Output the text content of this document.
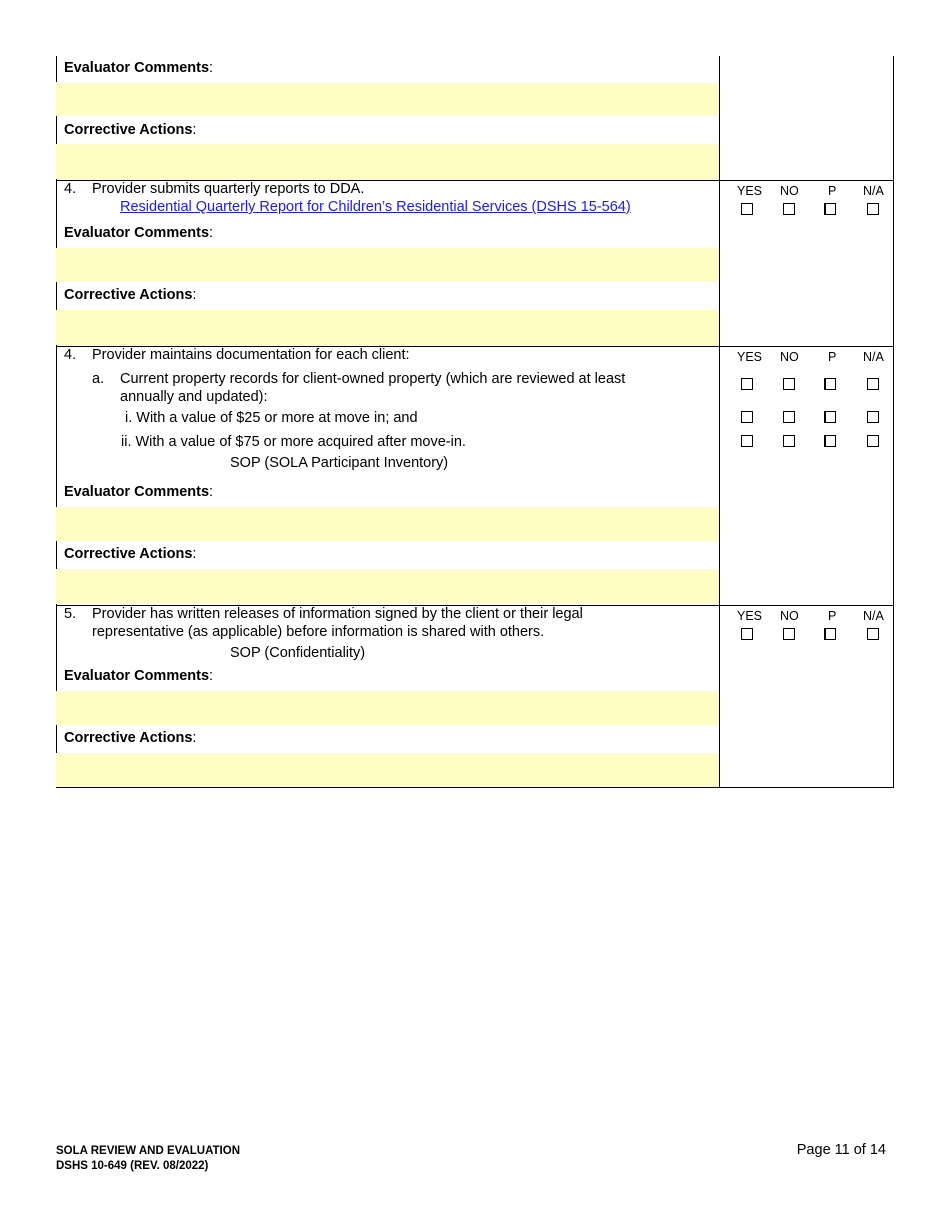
Evaluator Comments:
Corrective Actions:
4. Provider submits quarterly reports to DDA.
Residential Quarterly Report for Children’s Residential Services (DSHS 15-564)
Evaluator Comments:
Corrective Actions:
YES NO P N/A
4. Provider maintains documentation for each client:
a. Current property records for client-owned property (which are reviewed at least
annually and updated):
i. With a value of $25 or more at move in; and
ii. With a value of $75 or more acquired after move-in.
SOP (SOLA Participant Inventory)
Evaluator Comments:
Corrective Actions:
YES NO P N/A
5. Provider has written releases of information signed by the client or their legal
representative (as applicable) before information is shared with others.
SOP (Confidentiality)
Evaluator Comments:
Corrective Actions:
YES NO P N/A
SOLA REVIEW AND EVALUATION
DSHS 10-649 (REV. 08/2022)
Page 11 of 14
